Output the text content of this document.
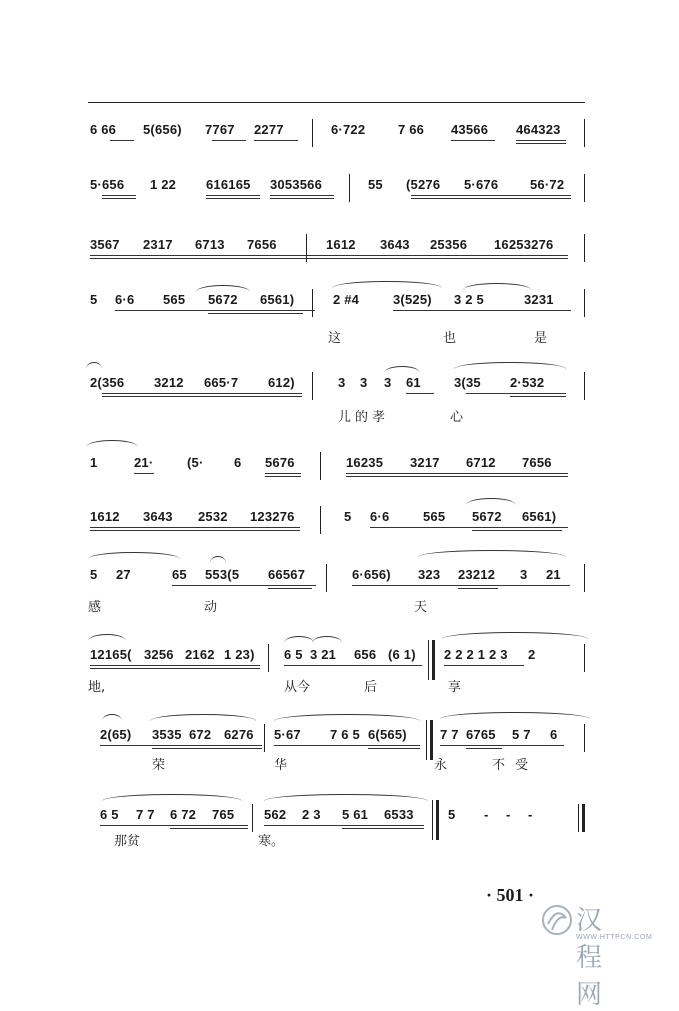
6 66 5(656) 7767 2277	6·722	7 66 43566 464323
5·656 1 22 616165 3053566	55 (5276 5·676 56·72
3567 2317 6713 7656	1612 3643 25356 16253276
5 6·6 565 5672 6561)	2 #4	3(525) 3 2 5	3231
这	也	是
2(356 3212 665·7 612)	3 3 3 61	3(35 2·532
儿的孝	心
1	21·	(5· 6 5676	16235 3217 6712 7656
1612 3643 2532 123276	5 6·6	565 5672 6561)
5 27	65 553(5 66567	6·656) 323 23212 3 21
感	动	天
12165( 3256 2162 1 23) 6 5 3 21 656 (6 1) 2 2 2 1 2 3 2
地,	从今	后	享
2(65) 3535 672 6276 5·67 7 6 5 6(565)	7 7 6765 5 7 6
荣	华	永	不受
6 5 7 7 6 72 765 562 2 3 5 61 6533	5 - - -
那贫	寒。
· 501 ·
汉程网
WWW.HTTPCN.COM
